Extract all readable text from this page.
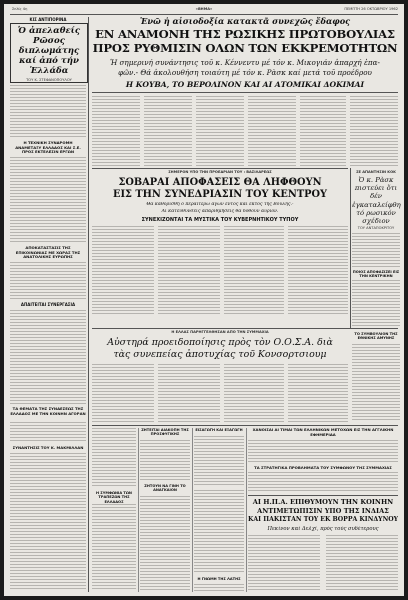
Σελίς 4η	«ΒΗΜΑ»	ΠΕΜΠΤΗ 26 ΟΚΤΩΒΡΙΟΥ 1962
ΚΙΣ ΑΝΤΙΠΟΡΙΝΑ
Ὁ ἀπελαθείς Ρῶσος διπλωμάτης καί ἀπό τήν Ἑλλάδα
ΤΟΥ Κ. ΣΤΕΦΑΝΟΠΟΥΛΟΥ
Η ΤΕΧΝΙΚΗ ΣΥΝΔΡΟΜΗ ΑΝΑΜΕΤΑΞΥ ΕΛΛΑΔΟΣ ΚΑΙ Σ.Ε. ΠΡΟΣ ΕΚΤΕΛΕΣΙΝ ΕΡΓΩΝ
ΑΠΟΚΑΤΑΣΤΑΣΙΣ ΤΗΣ ΕΠΙΚΟΙΝΩΝΙΑΣ ΜΕ ΧΩΡΑΣ ΤΗΣ ΑΝΑΤΟΛΙΚΗΣ ΕΥΡΩΠΗΣ
ΑΠΑΙΤΕΙΤΑΙ ΣΥΝΕΡΓΑΣΙΑ
ΤΑ ΘΕΜΑΤΑ ΤΗΣ ΣΥΝΔΕΣΕΩΣ ΤΗΣ ΕΛΛΑΔΟΣ ΜΕ ΤΗΝ ΚΟΙΝΗΝ ΑΓΟΡΑΝ
ΣΥΝΑΝΤΗΣΙΣ ΤΟΥ Κ. ΜΑΚΜΙΛΛΑΝ
Ἐνῶ ἡ αἰσιοδοξία κατακτᾶ συνεχῶς ἔδαφος
ΕΝ ΑΝΑΜΟΝΗ ΤΗΣ ΡΩΣΙΚΗΣ ΠΡΩΤΟΒΟΥΛΙΑΣ
ΠΡΟΣ ΡΥΘΜΙΣΙΝ ΟΛΩΝ ΤΩΝ ΕΚΚΡΕΜΟΤΗΤΩΝ
Ἡ σημερινή συνάντησις τοῦ κ. Κέννεντυ μέ τόν κ. Μικογιάν ἀπαρχή ἐπα-
φῶν.- Θά ἀκολουθήση τοιαύτη μέ τόν κ. Ρὰσκ καί μετά τοῦ προέδρου
Η ΚΟΥΒΑ, ΤΟ ΒΕΡΟΛΙΝΟΝ ΚΑΙ ΑΙ ΑΤΟΜΙΚΑΙ ΔΟΚΙΜΑΙ
ΣΗΜΕΡΟΝ ΥΠΟ ΤΗΝ ΠΡΟΕΔΡΙΑΝ ΤΟΥ : ΒΑΣΙΛΑΡΕΩΣ
ΣΟΒΑΡΑΙ ΑΠΟΦΑΣΕΙΣ ΘΑ ΛΗΦΘΟΥΝ
ΕΙΣ ΤΗΝ ΣΥΝΕΔΡΙΑΣΙΝ ΤΟΥ ΚΕΝΤΡΟΥ
Θά καθορισθῆ ὁ περαιτέρω ἀγὼν ἐντὸς καί ἐκτός τῆς Βουλῆς.-
Αἱ κατευθύνσεις ἀπαριθμήσεις θά δοθοῦν αὔριον.
ΣΥΝΕΧΙΖΟΝΤΑΙ ΤΑ ΜΥΣΤΙΚΑ ΤΟΥ ΚΥΒΕΡΝΗΤΙΚΟΥ ΤΥΠΟΥ
ΣΕ ΑΠΑΝΤΗΣΙΝ ΚΟΚ
Ὁ κ. Ρὰσκ πιστεύει ὅτι δέν ἐγκαταλείφθη τό ρωσικόν σχέδιον
ΤΟΥ ΑΝΤΑΠΟΚΡΙΤΟΥ
ΠΟΙΟΣ ΑΠΟΦΑΣΙΖΕΙ ΕΙΣ ΤΗΝ ΚΕΝΤΡΙΚΗΝ
Η ΕΛΛΑΣ ΠΑΡΗΓΓΕΛΘΗΣΑΝ ΑΠΟ ΤΗΝ ΣΥΜΜΑΧΙΑ
Αὐστηρά προειδοποίησις πρὸς τὸν Ο.Ο.Σ.Α. διὰ
τὰς συνεπείας ἀποτυχίας τοῦ Κονσορτσιουμ
ΤΟ ΣΥΜΒΟΥΛΙΟΝ ΤΗΣ ΕΘΝΙΚΗΣ ΑΜΥΝΗΣ
ΖΗΤΕΙΤΑΙ ΔΙΑΚΟΠΗ ΤΗΣ ΠΡΟΣΦΥΓΙΚΗΣ
ΕΙΣΑΓΩΓΗ ΚΑΙ ΕΞΑΓΩΓΗ	ΧΑΝΟΙΣΑΙ ΑΙ ΤΙΜΑΙ ΤΩΝ ΕΛΛΗΝΙΚΩΝ ΜΕΤΟΧΩΝ ΕΙΣ ΤΗΝ ΑΓΓΛΙΚΗΝ ΕΦΗΜΕΡΙΔΑ
ΤΑ ΣΤΡΑΤΗΓΙΚΑ ΠΡΟΒΛΗΜΑΤΑ ΤΟΥ ΣΥΜΦΩΝΟΥ ΤΗΣ ΣΥΜΜΑΧΙΑΣ
Η ΣΥΜΦΩΝΙΑ ΤΩΝ ΤΡΑΠΕΖΩΝ ΤΗΣ ΕΛΛΑΔΟΣ
ΖΗΤΟΥΝ ΝΑ ΓΙΝΗ ΤΟ ΑΝΑΓΚΑΙΟΝ
Η ΓΝΩΜΗ ΤΗΣ ΛΑΤΗΣ
ΑΙ Η.Π.Α. ΕΠΙΘΥΜΟΥΝ ΤΗΝ ΚΟΙΝΗΝ
ΑΝΤΙΜΕΤΩΠΙΣΙΝ ΥΠΟ ΤΗΣ ΙΝΔΙΑΣ
ΚΑΙ ΠΑΚΙΣΤΑΝ ΤΟΥ ΕΚ ΒΟΡΡΑ ΚΙΝΔΥΝΟΥ
Πεκίνον καί Δελχί, πρός τοὺς συδέτερους
